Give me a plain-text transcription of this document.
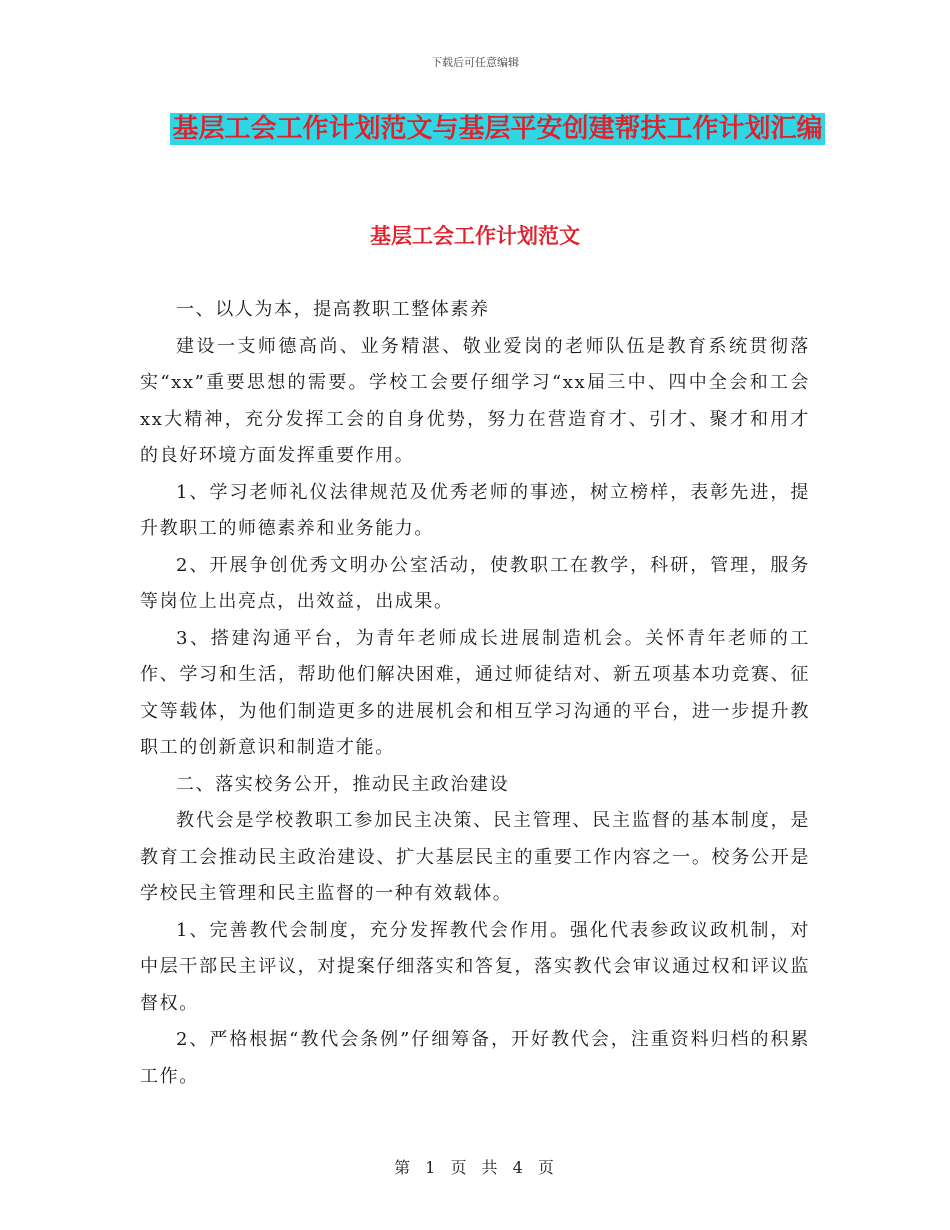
下载后可任意编辑
基层工会工作计划范文与基层平安创建帮扶工作计划汇编
基层工会工作计划范文

一、以人为本，提高教职工整体素养

建设一支师德高尚、业务精湛、敬业爱岗的老师队伍是教育系统贯彻落实“xx”重要思想的需要。学校工会要仔细学习“xx届三中、四中全会和工会xx大精神，充分发挥工会的自身优势，努力在营造育才、引才、聚才和用才的良好环境方面发挥重要作用。

1、学习老师礼仪法律规范及优秀老师的事迹，树立榜样，表彰先进，提升教职工的师德素养和业务能力。

2、开展争创优秀文明办公室活动，使教职工在教学，科研，管理，服务等岗位上出亮点，出效益，出成果。

3、搭建沟通平台，为青年老师成长进展制造机会。关怀青年老师的工作、学习和生活，帮助他们解决困难，通过师徒结对、新五项基本功竞赛、征文等载体，为他们制造更多的进展机会和相互学习沟通的平台，进一步提升教职工的创新意识和制造才能。

二、落实校务公开，推动民主政治建设

教代会是学校教职工参加民主决策、民主管理、民主监督的基本制度，是教育工会推动民主政治建设、扩大基层民主的重要工作内容之一。校务公开是学校民主管理和民主监督的一种有效载体。

1、完善教代会制度，充分发挥教代会作用。强化代表参政议政机制，对中层干部民主评议，对提案仔细落实和答复，落实教代会审议通过权和评议监督权。

2、严格根据“教代会条例”仔细筹备，开好教代会，注重资料归档的积累工作。

第 1 页 共 4 页
